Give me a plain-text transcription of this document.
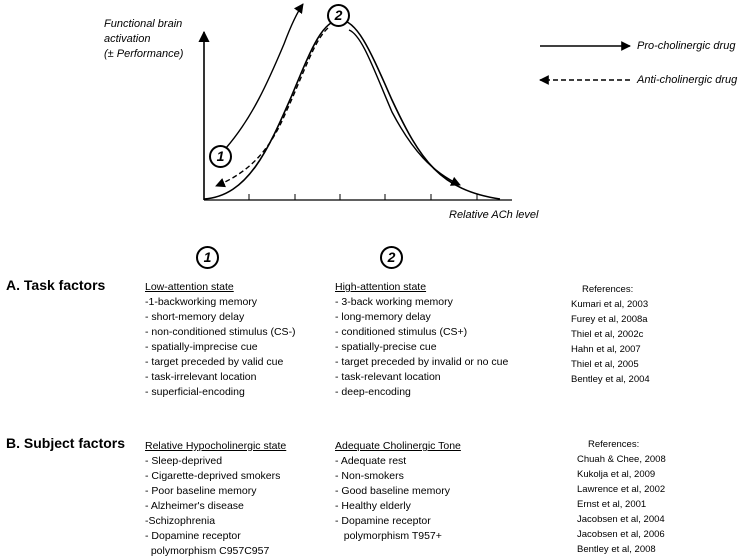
Functional brain
activation
(± Performance)
1
2
Relative ACh level
Pro-cholinergic drug
Anti-cholinergic drug
1	2
A. Task factors	Low-attention state
-1-backworking memory
- short-memory delay
- non-conditioned stimulus (CS-)
- spatially-imprecise cue
- target preceded by valid cue
- task-irrelevant location
- superficial-encoding
High-attention state
- 3-back working memory
- long-memory delay
- conditioned stimulus (CS+)
- spatially-precise cue
- target preceded by invalid or no cue
- task-relevant location
- deep-encoding
References:
Kumari et al, 2003
Furey et al, 2008a
Thiel et al, 2002c
Hahn et al, 2007
Thiel et al, 2005
Bentley et al, 2004
B. Subject factors Relative Hypocholinergic state
- Sleep-deprived
- Cigarette-deprived smokers
- Poor baseline memory
- Alzheimer's disease
-Schizophrenia
- Dopamine receptor
polymorphism C957C957
Adequate Cholinergic Tone
- Adequate rest
- Non-smokers
- Good baseline memory
- Healthy elderly
- Dopamine receptor
polymorphism T957+
References:
Chuah & Chee, 2008
Kukolja et al, 2009
Lawrence et al, 2002
Ernst et al, 2001
Jacobsen et al, 2004
Jacobsen et al, 2006
Bentley et al, 2008
